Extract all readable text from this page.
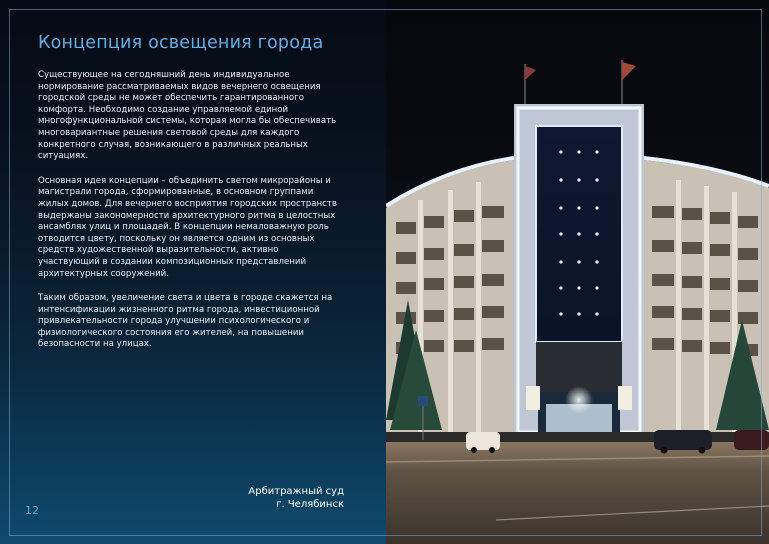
Концепция освещения города

Существующее на сегодняшний день индивидуальное нормирование рассматриваемых видов вечернего освещения городской среды не может обеспечить гарантированного комфорта. Необходимо создание управляемой единой многофункциональной системы, которая могла бы обеспечивать многовариантные решения световой среды для каждого конкретного случая, возникающего в различных реальных ситуациях.

Основная идея концепции – объединить светом микрорайоны и магистрали города, сформированные, в основном группами жилых домов. Для вечернего восприятия городских пространств выдержаны закономерности архитектурного ритма в целостных ансамблях улиц и площадей. В концепции немаловажную роль отводится цвету, поскольку он является одним из основных средств художественной выразительности, активно участвующий в создании композиционных представлений архитектурных сооружений.

Таким образом, увеличение света и цвета в городе скажется на интенсификации жизненного ритма города, инвестиционной привлекательности города улучшении психологического и физиологического состояния его жителей, на повышении безопасности на улицах.

12
Арбитражный суд
г. Челябинск
